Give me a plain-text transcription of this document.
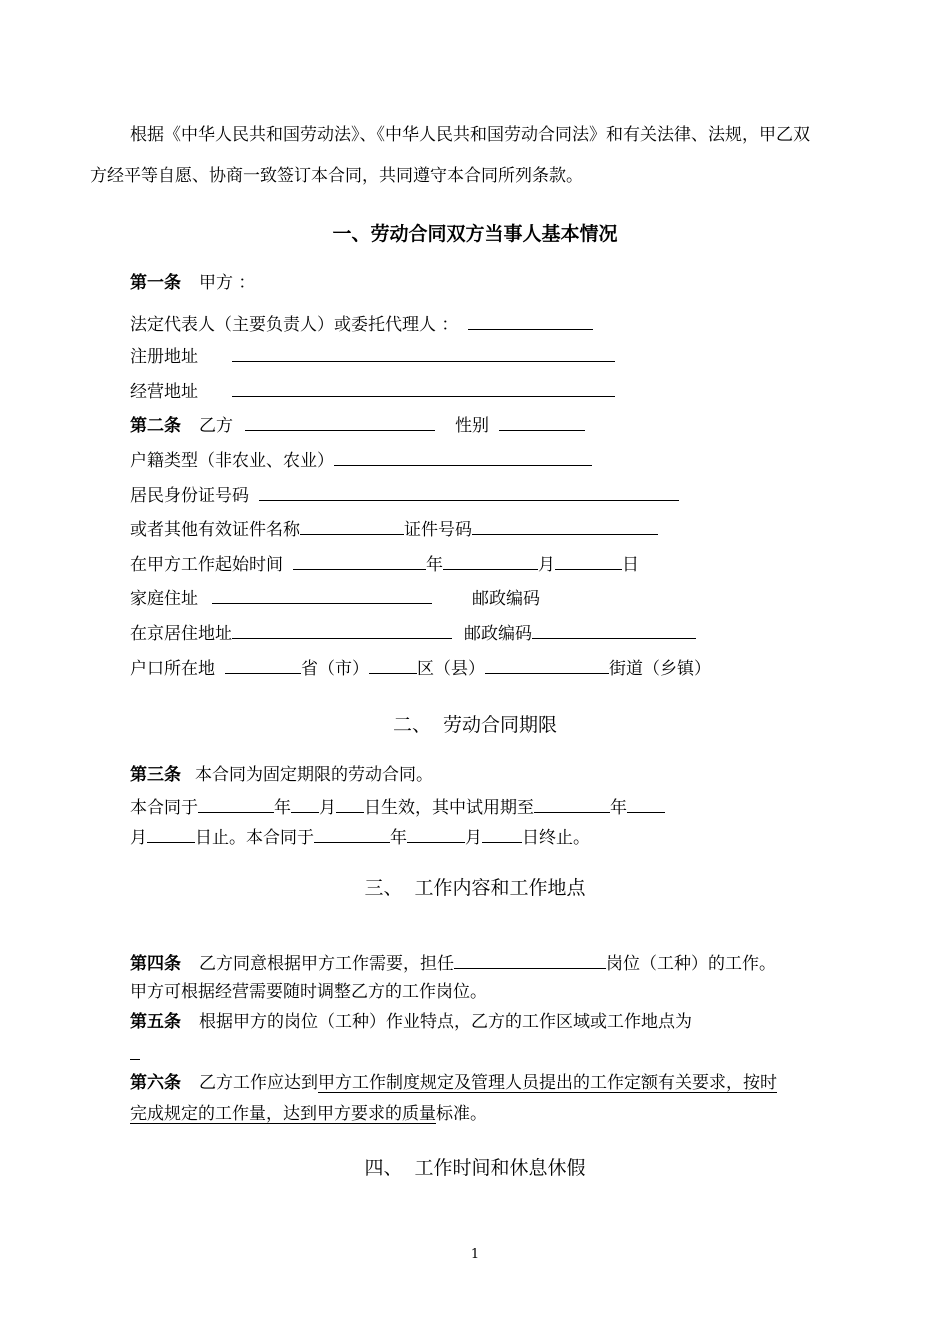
根据《中华人民共和国劳动法》、《中华人民共和国劳动合同法》和有关法律、法规，甲乙双

方经平等自愿、协商一致签订本合同，共同遵守本合同所列条款。

一、劳动合同双方当事人基本情况
第一条 甲方 ：
法定代表人（主要负责人）或委托代理人 ：
注册地址
经营地址
第二条 乙方	性别
户籍类型（非农业、农业）
居民身份证号码
或者其他有效证件名称	证件号码
在甲方工作起始时间	年	月	日
家庭住址	邮政编码
在京居住地址	邮政编码
户口所在地	省（市）	区（县）	街道（乡镇）
二、  劳动合同期限
第三条 本合同为固定期限的劳动合同。
本合同于	年 月 日生效，其中试用期至	年
月	日止。本合同于	年	月 日终止。
三、  工作内容和工作地点
第四条 乙方同意根据甲方工作需要，担任	岗位（工种）的工作。
甲方可根据经营需要随时调整乙方的工作岗位。
第五条 根据甲方的岗位（工种）作业特点，乙方的工作区域或工作地点为
第六条 乙方工作应达到甲方工作制度规定及管理人员提出的工作定额有关要求，按时
完成规定的工作量，达到甲方要求的质量标准。
四、  工作时间和休息休假
1
